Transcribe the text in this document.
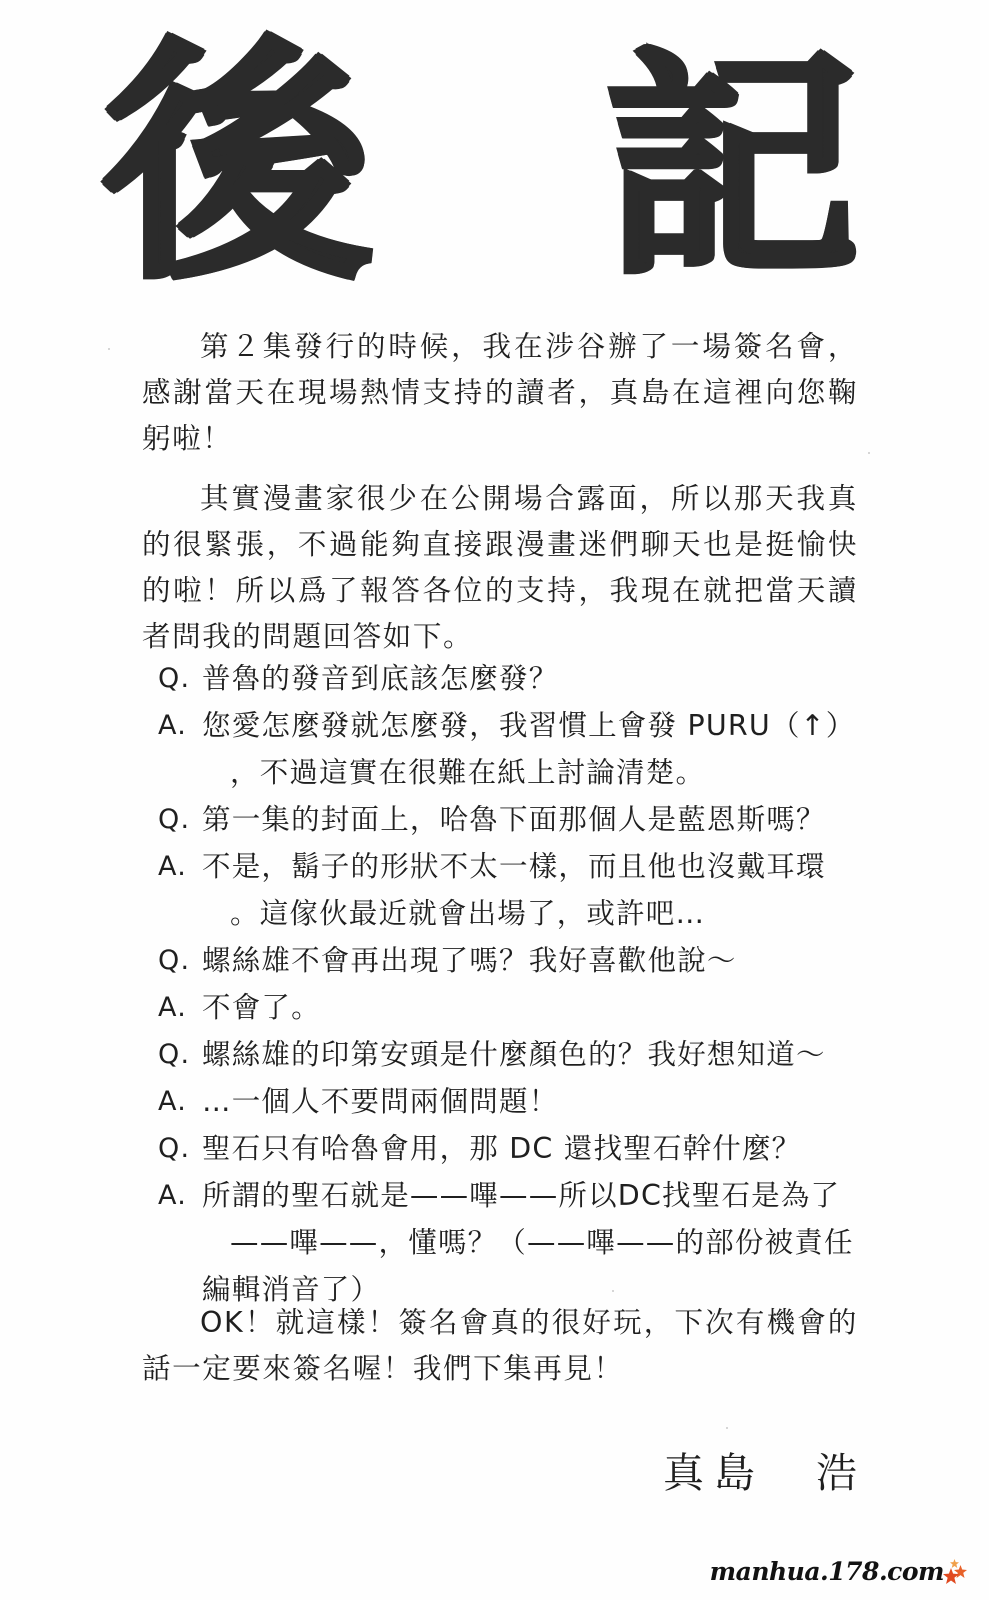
後 記

第２集發行的時候，我在涉谷辦了一場簽名會，感謝當天在現場熱情支持的讀者，真島在這裡向您鞠躬啦！

其實漫畫家很少在公開場合露面，所以那天我真的很緊張，不過能夠直接跟漫畫迷們聊天也是挺愉快的啦！所以爲了報答各位的支持，我現在就把當天讀者問我的問題回答如下。

Q. 普魯的發音到底該怎麼發？
A. 您愛怎麼發就怎麼發，我習慣上會發 PURU（↑）
，不過這實在很難在紙上討論清楚。
Q. 第一集的封面上，哈魯下面那個人是藍恩斯嗎？
A. 不是，鬍子的形狀不太一樣，而且他也沒戴耳環
。這傢伙最近就會出場了，或許吧…
Q. 螺絲雄不會再出現了嗎？我好喜歡他說～
A. 不會了。
Q. 螺絲雄的印第安頭是什麼顏色的？我好想知道～
A. …一個人不要問兩個問題！
Q. 聖石只有哈魯會用，那 DC 還找聖石幹什麼？
A. 所謂的聖石就是——嗶——所以DC找聖石是為了
——嗶——，懂嗎？（——嗶——的部份被責任
編輯消音了）

OK！就這樣！簽名會真的很好玩，下次有機會的話一定要來簽名喔！我們下集再見！

真島　浩
manhua.178.com
